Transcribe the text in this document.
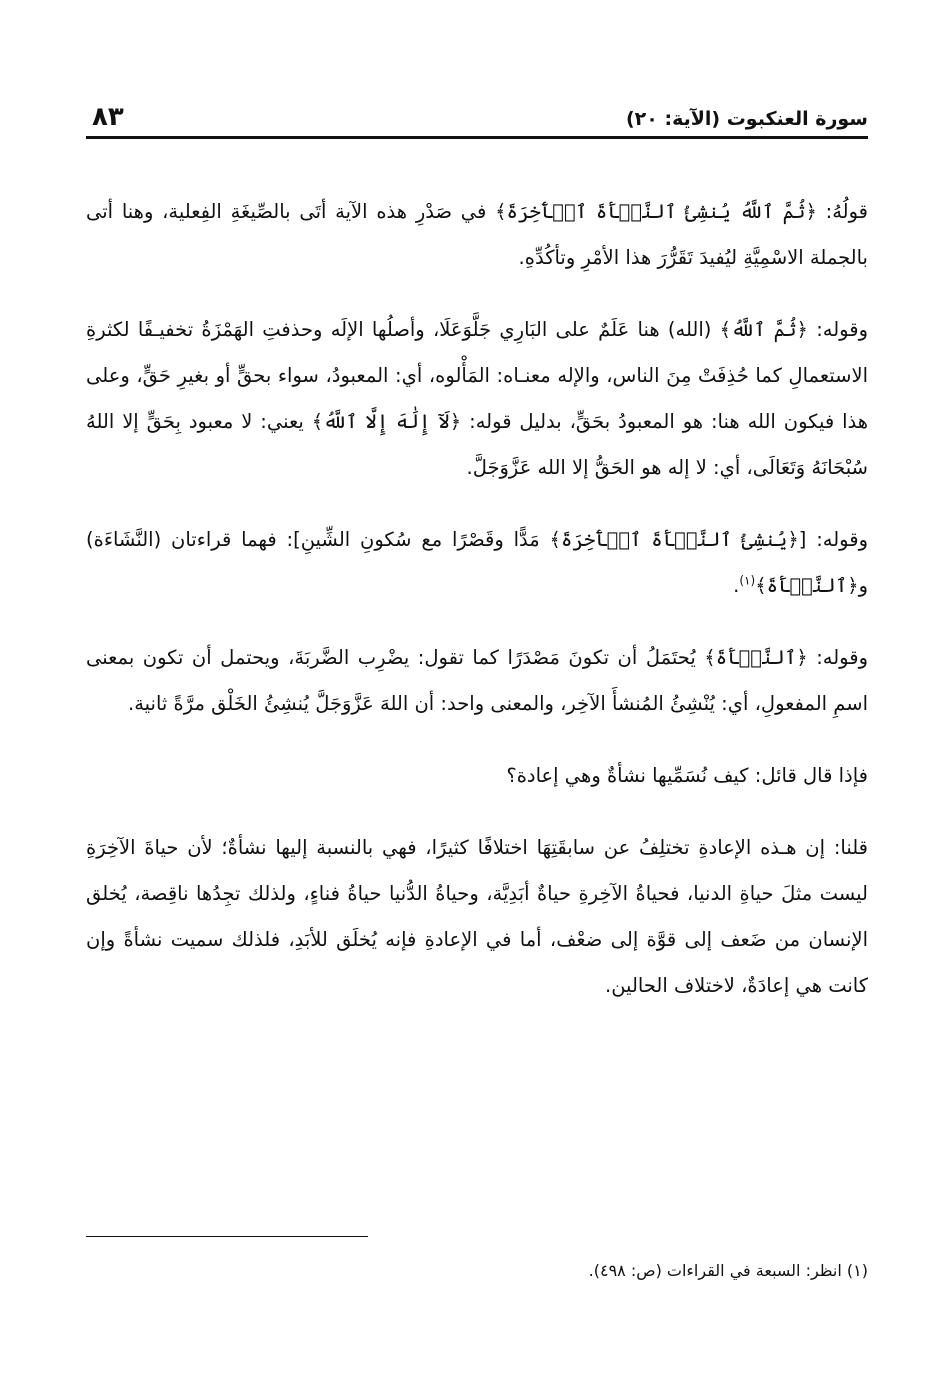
سورة العنكبوت (الآية: ٢٠)
٨٣

قولُهُ: ﴿ثُمَّ ٱللَّهُ يُنشِئُ ٱلنَّشۡأَةَ ٱلۡأٓخِرَةَ﴾ في صَدْرِ هذه الآية أتَى بالصِّيغَةِ الفِعلية، وهنا أتى بالجملة الاسْمِيَّةِ ليُفيدَ تَقَرُّرَ هذا الأمْرِ وتأكُدِّهِ.

وقوله: ﴿ثُمَّ ٱللَّهُ﴾ (الله) هنا عَلَمٌ على البَارِي جَلَّوَعَلَا، وأصلُها الإلَه وحذفتِ الهَمْزَةُ تخفيـفًا لكثرةِ الاستعمالِ كما حُذِفَتْ مِنَ الناس، والإله معنـاه: المَأْلوه، أي: المعبودُ، سواء بحقٍّ أو بغيرِ حَقٍّ، وعلى هذا فيكون الله هنا: هو المعبودُ بحَقٍّ، بدليل قوله: ﴿لَآ إِلَٰهَ إِلَّا ٱللَّهُ﴾ يعني: لا معبود بِحَقٍّ إلا اللهُ سُبْحَانَهُ وَتَعَالَى، أي: لا إله هو الحَقُّ إلا الله عَزَّوَجَلَّ.

وقوله: [﴿يُنشِئُ ٱلنَّشۡأَةَ ٱلۡأٓخِرَةَ﴾ مَدًّا وقَصْرًا مع سُكونِ الشِّينِ]: فهما قراءتان (النَّشَاءَة) و﴿ٱلنَّشۡأَةَ﴾$^{(١)}$.

وقوله: ﴿ٱلنَّشۡأَةَ﴾ يُحتَمَلُ أن تكونَ مَصْدَرًا كما تقول: يضْرِب الضَّربَةَ، ويحتمل أن تكون بمعنى اسمِ المفعولِ، أي: يُنْشِئُ المُنشأَ الآخِر، والمعنى واحد: أن اللهَ عَزَّوَجَلَّ يُنشِئُ الخَلْق مرَّةً ثانية.

فإذا قال قائل: كيف نُسَمِّيها نشأةٌ وهي إعادة؟

قلنا: إن هـذه الإعادةِ تختلِفُ عن سابقَتِهَا اختلافًا كثيرًا، فهي بالنسبة إليها نشأةٌ؛ لأن حياةَ الآخِرَةِ ليست مثلَ حياةِ الدنيا، فحياةُ الآخِرةِ حياةٌ أبَدِيَّة، وحياةُ الدُّنيا حياةُ فناءٍ، ولذلك تجِدُها ناقِصة، يُخلق الإنسان من ضَعف إلى قوَّة إلى ضعْف، أما في الإعادةِ فإنه يُخلَق للأبَدِ، فلذلك سميت نشأةً وإن كانت هي إعادَةٌ، لاختلاف الحالين.

(١) انظر: السبعة في القراءات (ص: ٤٩٨).
